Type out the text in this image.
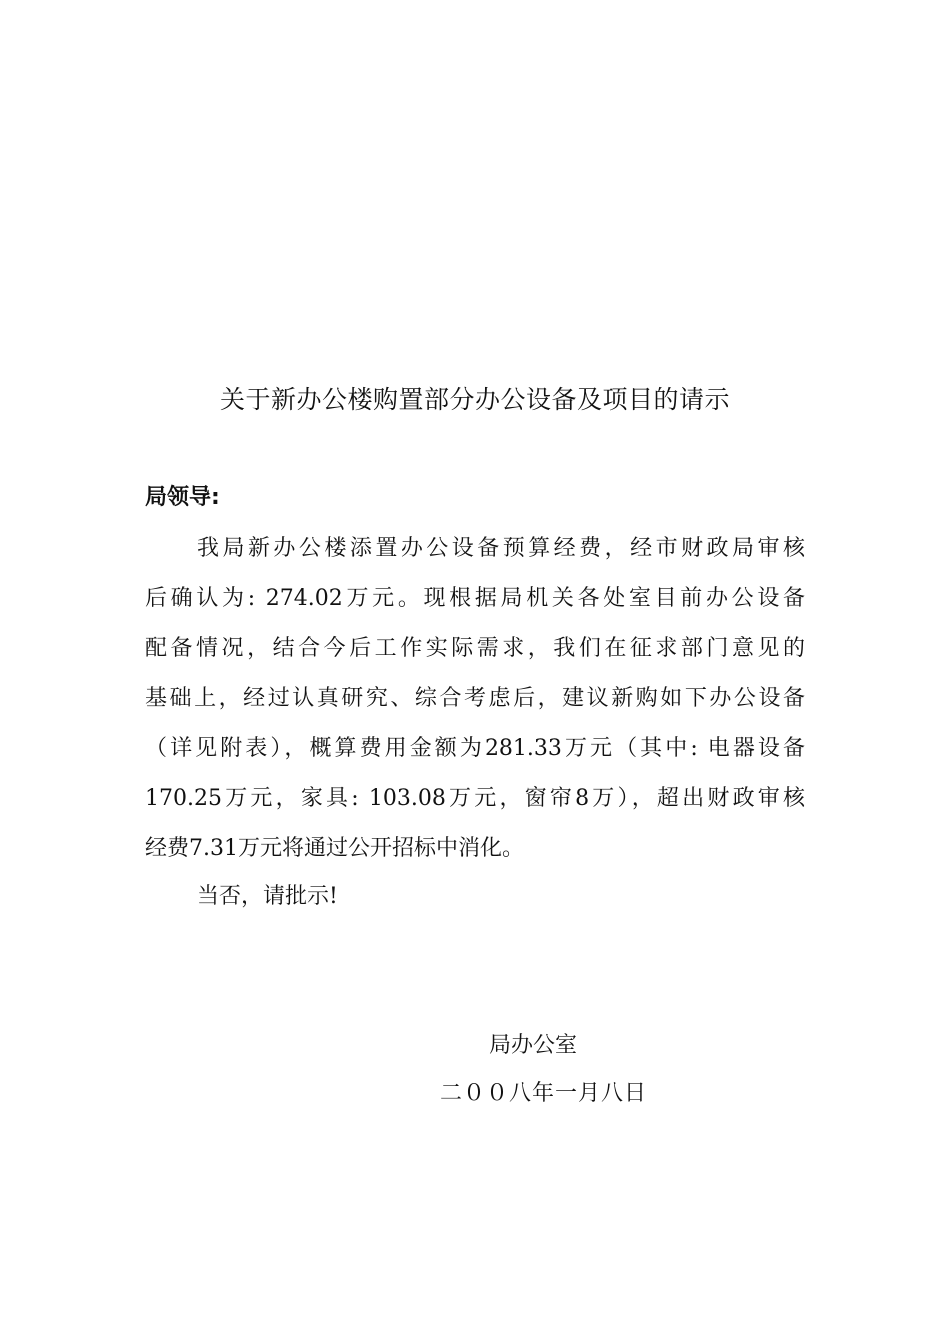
关于新办公楼购置部分办公设备及项目的请示
局领导:
我局新办公楼添置办公设备预算经费，经市财政局审核
后确认为: 274.02万元。现根据局机关各处室目前办公设备
配备情况，结合今后工作实际需求，我们在征求部门意见的
基础上，经过认真研究、综合考虑后，建议新购如下办公设备
（详见附表），概算费用金额为281.33万元（其中: 电器设备
170.25万元，家具: 103.08万元，窗帘8万），超出财政审核
经费7.31万元将通过公开招标中消化。
当否，请批示!
局办公室
二００八年一月八日
